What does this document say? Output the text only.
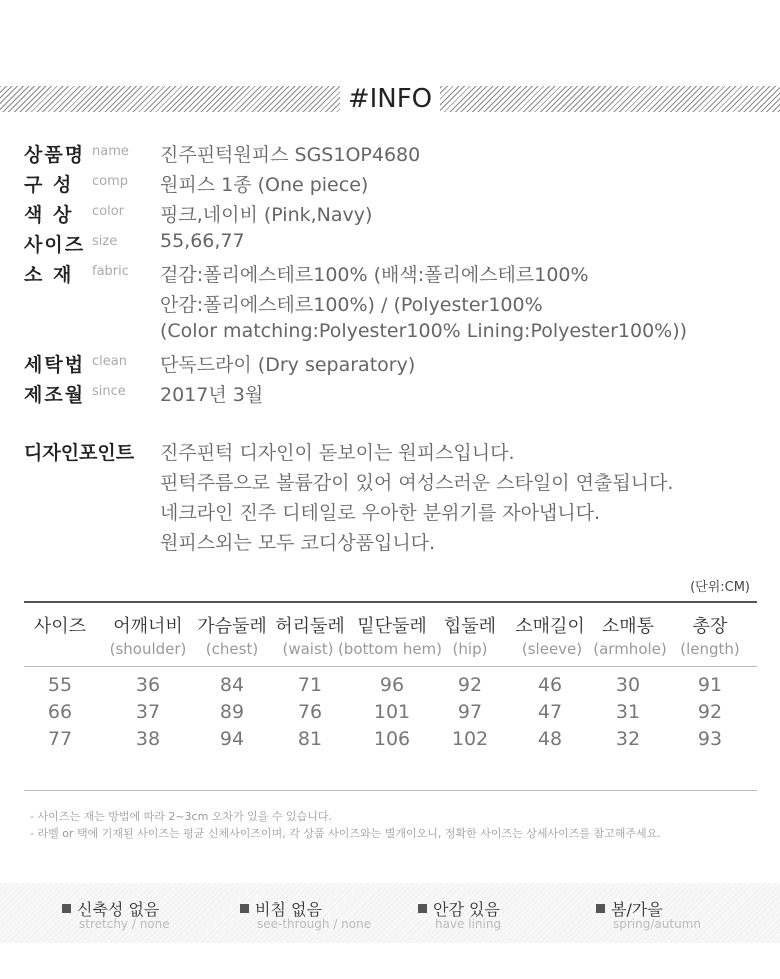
#INFO
상품명 name 진주핀턱원피스 SGS1OP4680
구 성	comp 원피스 1종 (One piece)
색 상	color 핑크,네이비 (Pink,Navy)
사이즈 size 55,66,77
소 재	fabric 겉감:폴리에스테르100% (배색:폴리에스테르100%
안감:폴리에스테르100%) / (Polyester100%
(Color matching:Polyester100% Lining:Polyester100%))
세탁법 clean 단독드라이 (Dry separatory)
제조월 since 2017년 3월
디자인포인트 진주핀턱 디자인이 돋보이는 원피스입니다.
핀턱주름으로 볼륨감이 있어 여성스러운 스타일이 연출됩니다.
네크라인 진주 디테일로 우아한 분위기를 자아냅니다.
원피스외는 모두 코디상품입니다.
(단위:CM)
사이즈	어깨너비 가슴둘레 허리둘레 밑단둘레 힙둘레	소매길이 소매통	총장
(shoulder)	(chest)	(waist) (bottom hem) (hip)	(sleeve) (armhole) (length)
55	36	84	71	96	92	46	30	91
66	37	89	76	101	97	47	31	92
77	38	94	81	106	102	48	32	93
- 사이즈는 재는 방법에 따라 2~3cm 오차가 있을 수 있습니다.
- 라벨 or 택에 기재된 사이즈는 평균 신체사이즈이며, 각 상품 사이즈와는 별개이오니, 정확한 사이즈는 상세사이즈를 참고해주세요.
신축성 없음
stretchy / none
비침 없음
see-through / none
안감 있음
have lining
봄/가을
spring/autumn
